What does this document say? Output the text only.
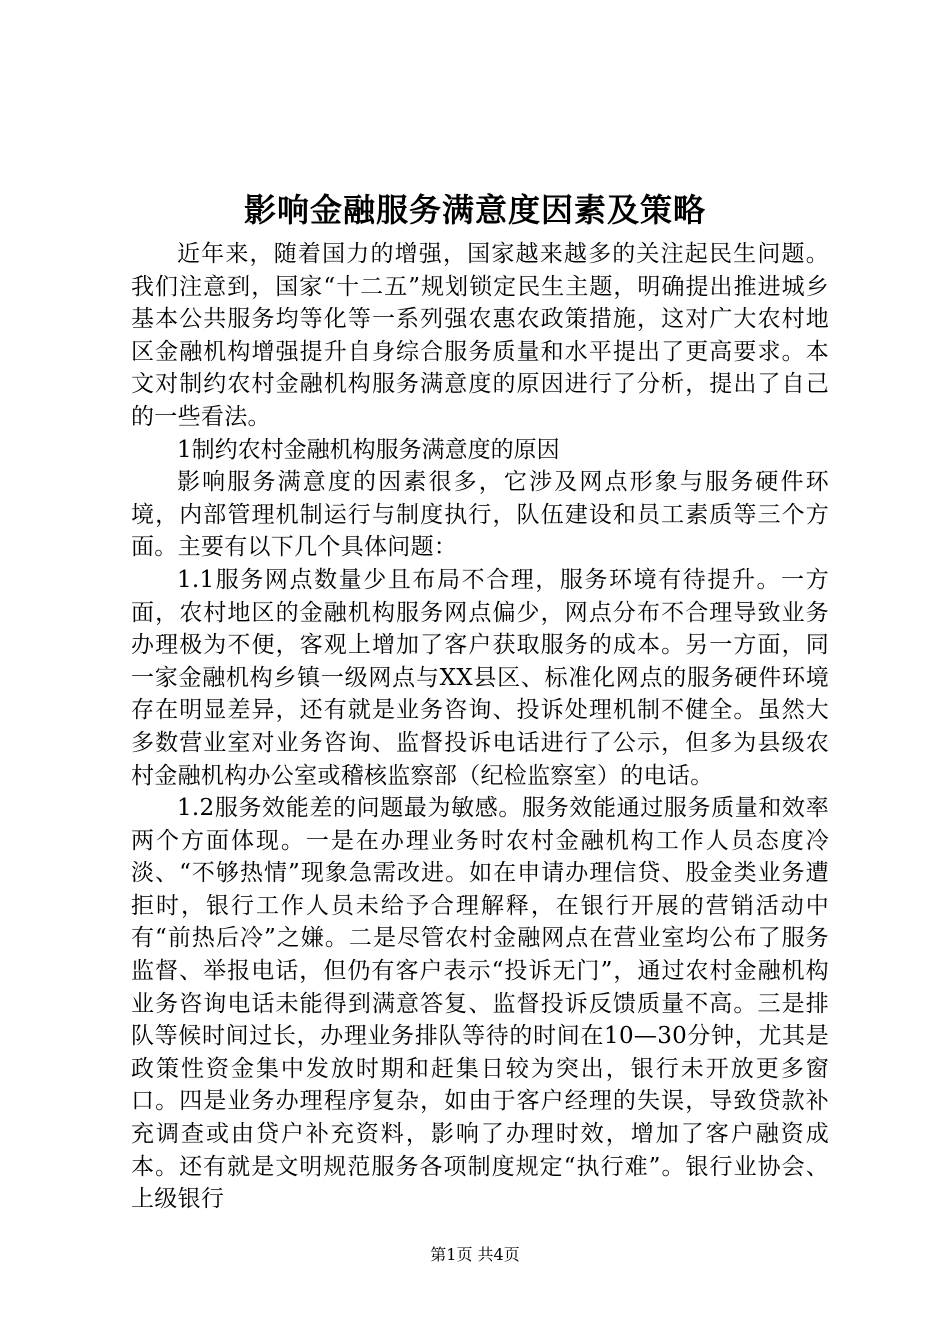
影响金融服务满意度因素及策略

近年来，随着国力的增强，国家越来越多的关注起民生问题。我们注意到，国家“十二五”规划锁定民生主题，明确提出推进城乡基本公共服务均等化等一系列强农惠农政策措施，这对广大农村地区金融机构增强提升自身综合服务质量和水平提出了更高要求。本文对制约农村金融机构服务满意度的原因进行了分析，提出了自己的一些看法。

1制约农村金融机构服务满意度的原因

影响服务满意度的因素很多，它涉及网点形象与服务硬件环境，内部管理机制运行与制度执行，队伍建设和员工素质等三个方面。主要有以下几个具体问题：

1.1服务网点数量少且布局不合理，服务环境有待提升。一方面，农村地区的金融机构服务网点偏少，网点分布不合理导致业务办理极为不便，客观上增加了客户获取服务的成本。另一方面，同一家金融机构乡镇一级网点与XX县区、标准化网点的服务硬件环境存在明显差异，还有就是业务咨询、投诉处理机制不健全。虽然大多数营业室对业务咨询、监督投诉电话进行了公示，但多为县级农村金融机构办公室或稽核监察部（纪检监察室）的电话。

1.2服务效能差的问题最为敏感。服务效能通过服务质量和效率两个方面体现。一是在办理业务时农村金融机构工作人员态度冷淡、“不够热情”现象急需改进。如在申请办理信贷、股金类业务遭拒时，银行工作人员未给予合理解释，在银行开展的营销活动中有“前热后冷”之嫌。二是尽管农村金融网点在营业室均公布了服务监督、举报电话，但仍有客户表示“投诉无门”，通过农村金融机构业务咨询电话未能得到满意答复、监督投诉反馈质量不高。三是排队等候时间过长，办理业务排队等待的时间在10—30分钟，尤其是政策性资金集中发放时期和赶集日较为突出，银行未开放更多窗口。四是业务办理程序复杂，如由于客户经理的失误，导致贷款补充调查或由贷户补充资料，影响了办理时效，增加了客户融资成本。还有就是文明规范服务各项制度规定“执行难”。银行业协会、上级银行

第1页 共4页
